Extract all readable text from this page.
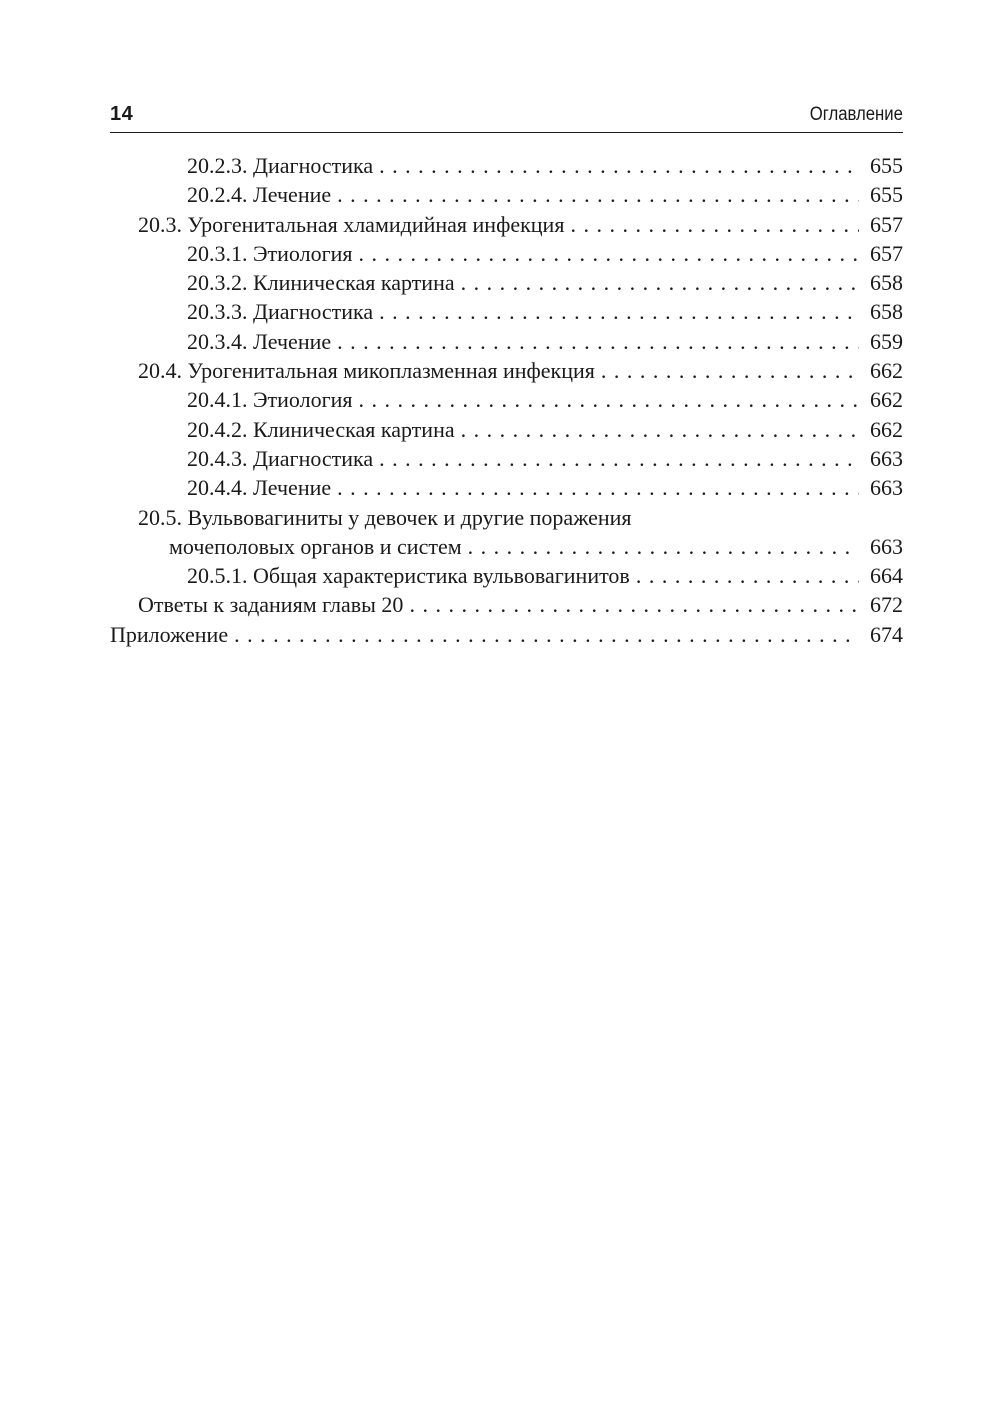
14	Оглавление
20.2.3. Диагностика . . .	655
20.2.4. Лечение . . .	655
20.3. Урогенитальная хламидийная инфекция . . .	657
20.3.1. Этиология . . .	657
20.3.2. Клиническая картина . . .	658
20.3.3. Диагностика . . .	658
20.3.4. Лечение . . .	659
20.4. Урогенитальная микоплазменная инфекция . . .	662
20.4.1. Этиология . . .	662
20.4.2. Клиническая картина . . .	662
20.4.3. Диагностика . . .	663
20.4.4. Лечение . . .	663
20.5. Вульвовагиниты у девочек и другие поражения
мочеполовых органов и систем . . .	663
20.5.1. Общая характеристика вульвовагинитов . . .	664
Ответы к заданиям главы 20 . . .	672
Приложение . . .	674
